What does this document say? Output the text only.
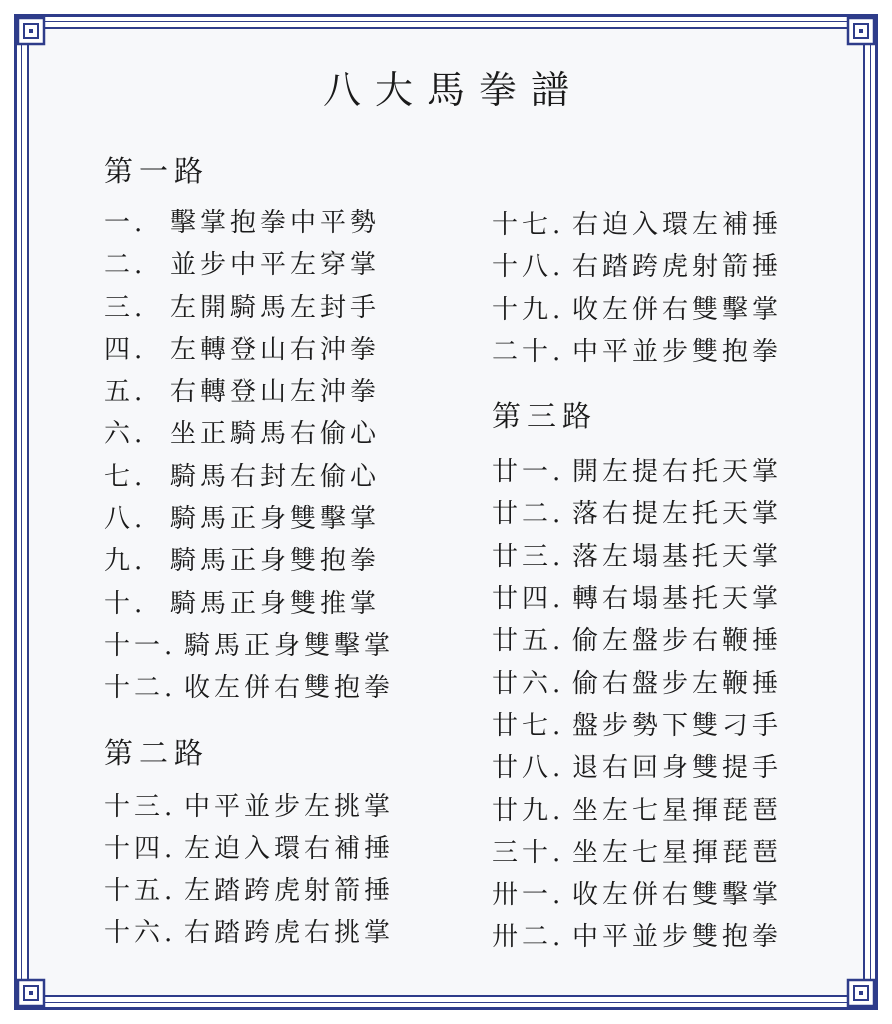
八大馬拳譜
第一路
一. 擊掌抱拳中平勢
二. 並步中平左穿掌
三. 左開騎馬左封手
四. 左轉登山右沖拳
五. 右轉登山左沖拳
六. 坐正騎馬右偷心
七. 騎馬右封左偷心
八. 騎馬正身雙擊掌
九. 騎馬正身雙抱拳
十. 騎馬正身雙推掌
十一. 騎馬正身雙擊掌
十二. 收左併右雙抱拳
第二路
十三. 中平並步左挑掌
十四. 左迫入環右補捶
十五. 左踏跨虎射箭捶
十六. 右踏跨虎右挑掌
十七. 右迫入環左補捶
十八. 右踏跨虎射箭捶
十九. 收左併右雙擊掌
二十. 中平並步雙抱拳
第三路
廿一. 開左提右托天掌
廿二. 落右提左托天掌
廿三. 落左塌基托天掌
廿四. 轉右塌基托天掌
廿五. 偷左盤步右鞭捶
廿六. 偷右盤步左鞭捶
廿七. 盤步勢下雙刁手
廿八. 退右回身雙提手
廿九. 坐左七星揮琵琶
三十. 坐左七星揮琵琶
卅一. 收左併右雙擊掌
卅二. 中平並步雙抱拳
